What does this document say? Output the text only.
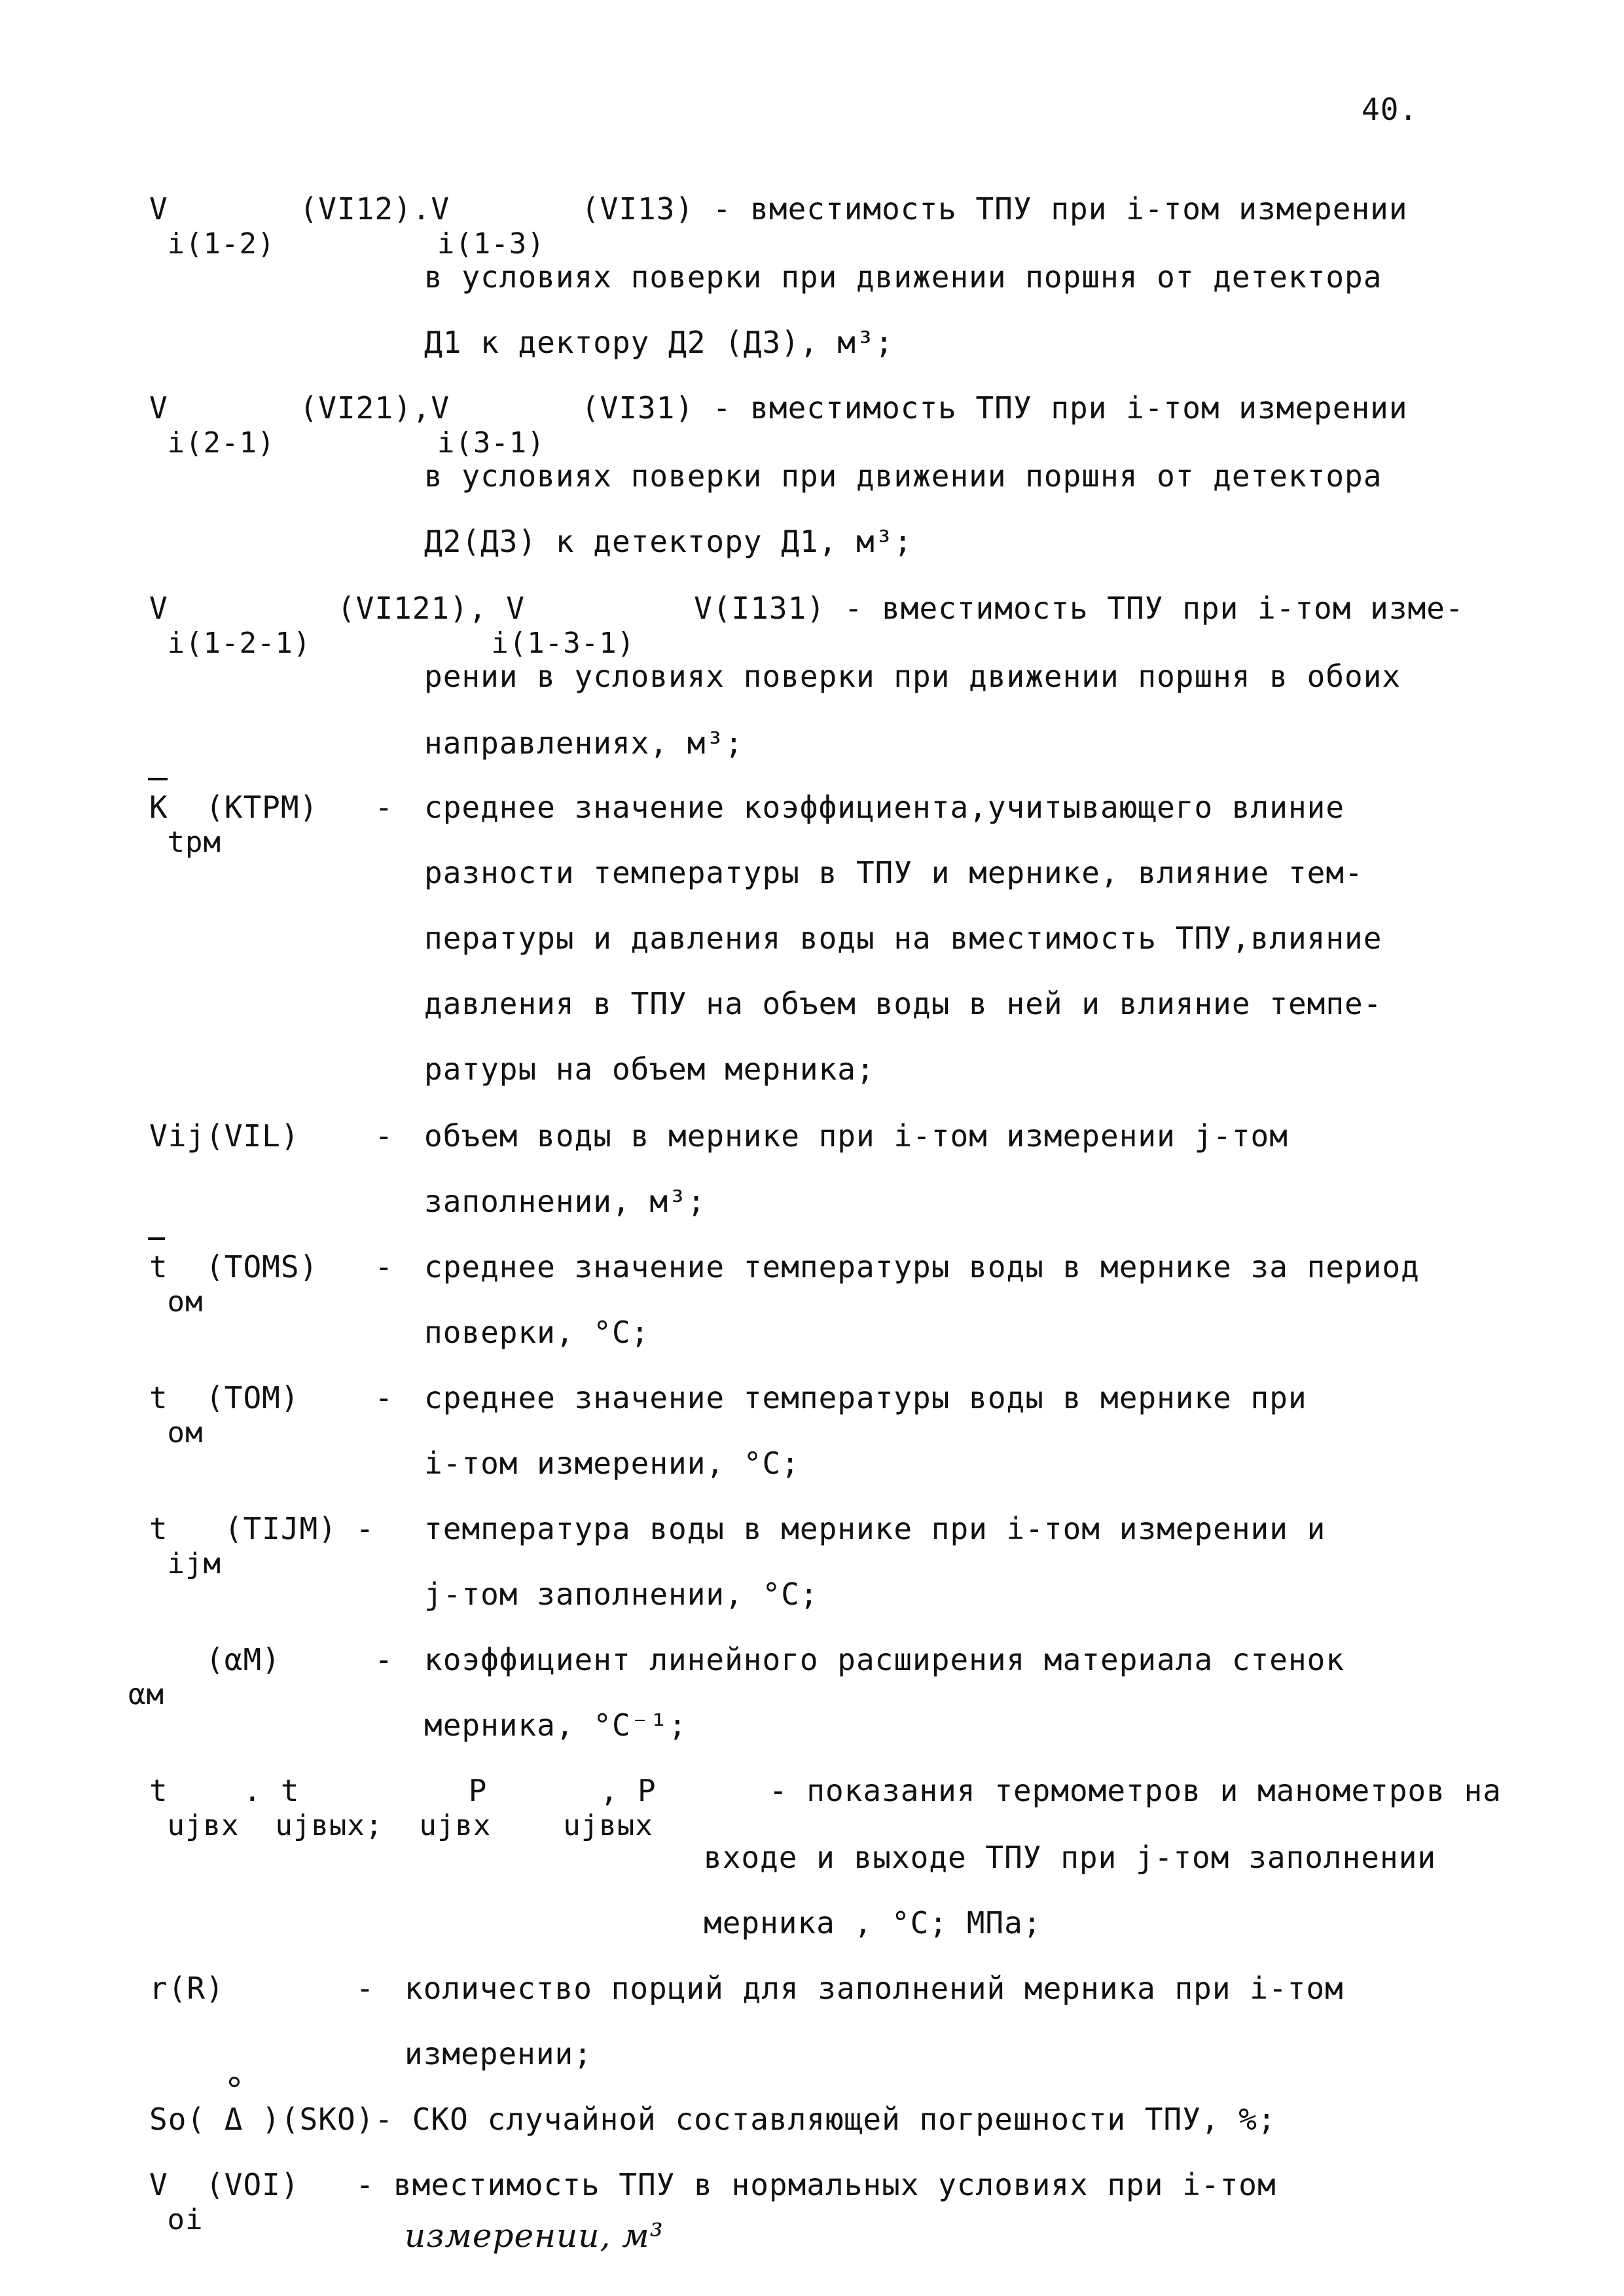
40.
V       (VI12).V       (VI13) - вместимость ТПУ при i-том измерении
i(1-2)         i(1-3)
в условиях поверки при движении поршня от детектора
Д1 к дектору Д2 (Д3), м³;
V       (VI21),V       (VI31) - вместимость ТПУ при i-том измерении
i(2-1)         i(3-1)
в условиях поверки при движении поршня от детектора
Д2(Д3) к детектору Д1, м³;
V         (VI121), V         V(I131) - вместимость ТПУ при i-том изме-
i(1-2-1)          i(1-3-1)
рении в условиях поверки при движении поршня в обоих
направлениях, м³;
K  (KTPM)   -
tpм
среднее значение коэффициента,учитывающего влиние
разности температуры в ТПУ и мернике, влияние тем-
пературы и давления воды на вместимость ТПУ,влияние
давления в ТПУ на объем воды в ней и влияние темпе-
ратуры на объем мерника;
Vij(VIL)    - объем воды в мернике при i-том измерении j-том
заполнении, м³;
t  (TOMS)   -
ом
среднее значение температуры воды в мернике за период
поверки, °C;
t  (TOM)    -
ом
среднее значение температуры воды в мернике при
i-том измерении, °C;
t   (TIJM) -
ijм
температура воды в мернике при i-том измерении и
j-том заполнении, °C;
(αM)     -
αм
коэффициент линейного расширения материала стенок
мерника, °C⁻¹;
t    . t         P      , P      - показания термометров и манометров на
ujвх  ujвых;  ujвх    ujвых
входе и выходе ТПУ при j-том заполнении
мерника , °C; МПа;
r(R)       - количество порций для заполнений мерника при i-том
измерении;
So( Δ )(SKO)- СКО случайной составляющей погрешности ТПУ, %;
V  (VOI)   - вместимость ТПУ в нормальных условиях при i-том
oi	измерении, м³
